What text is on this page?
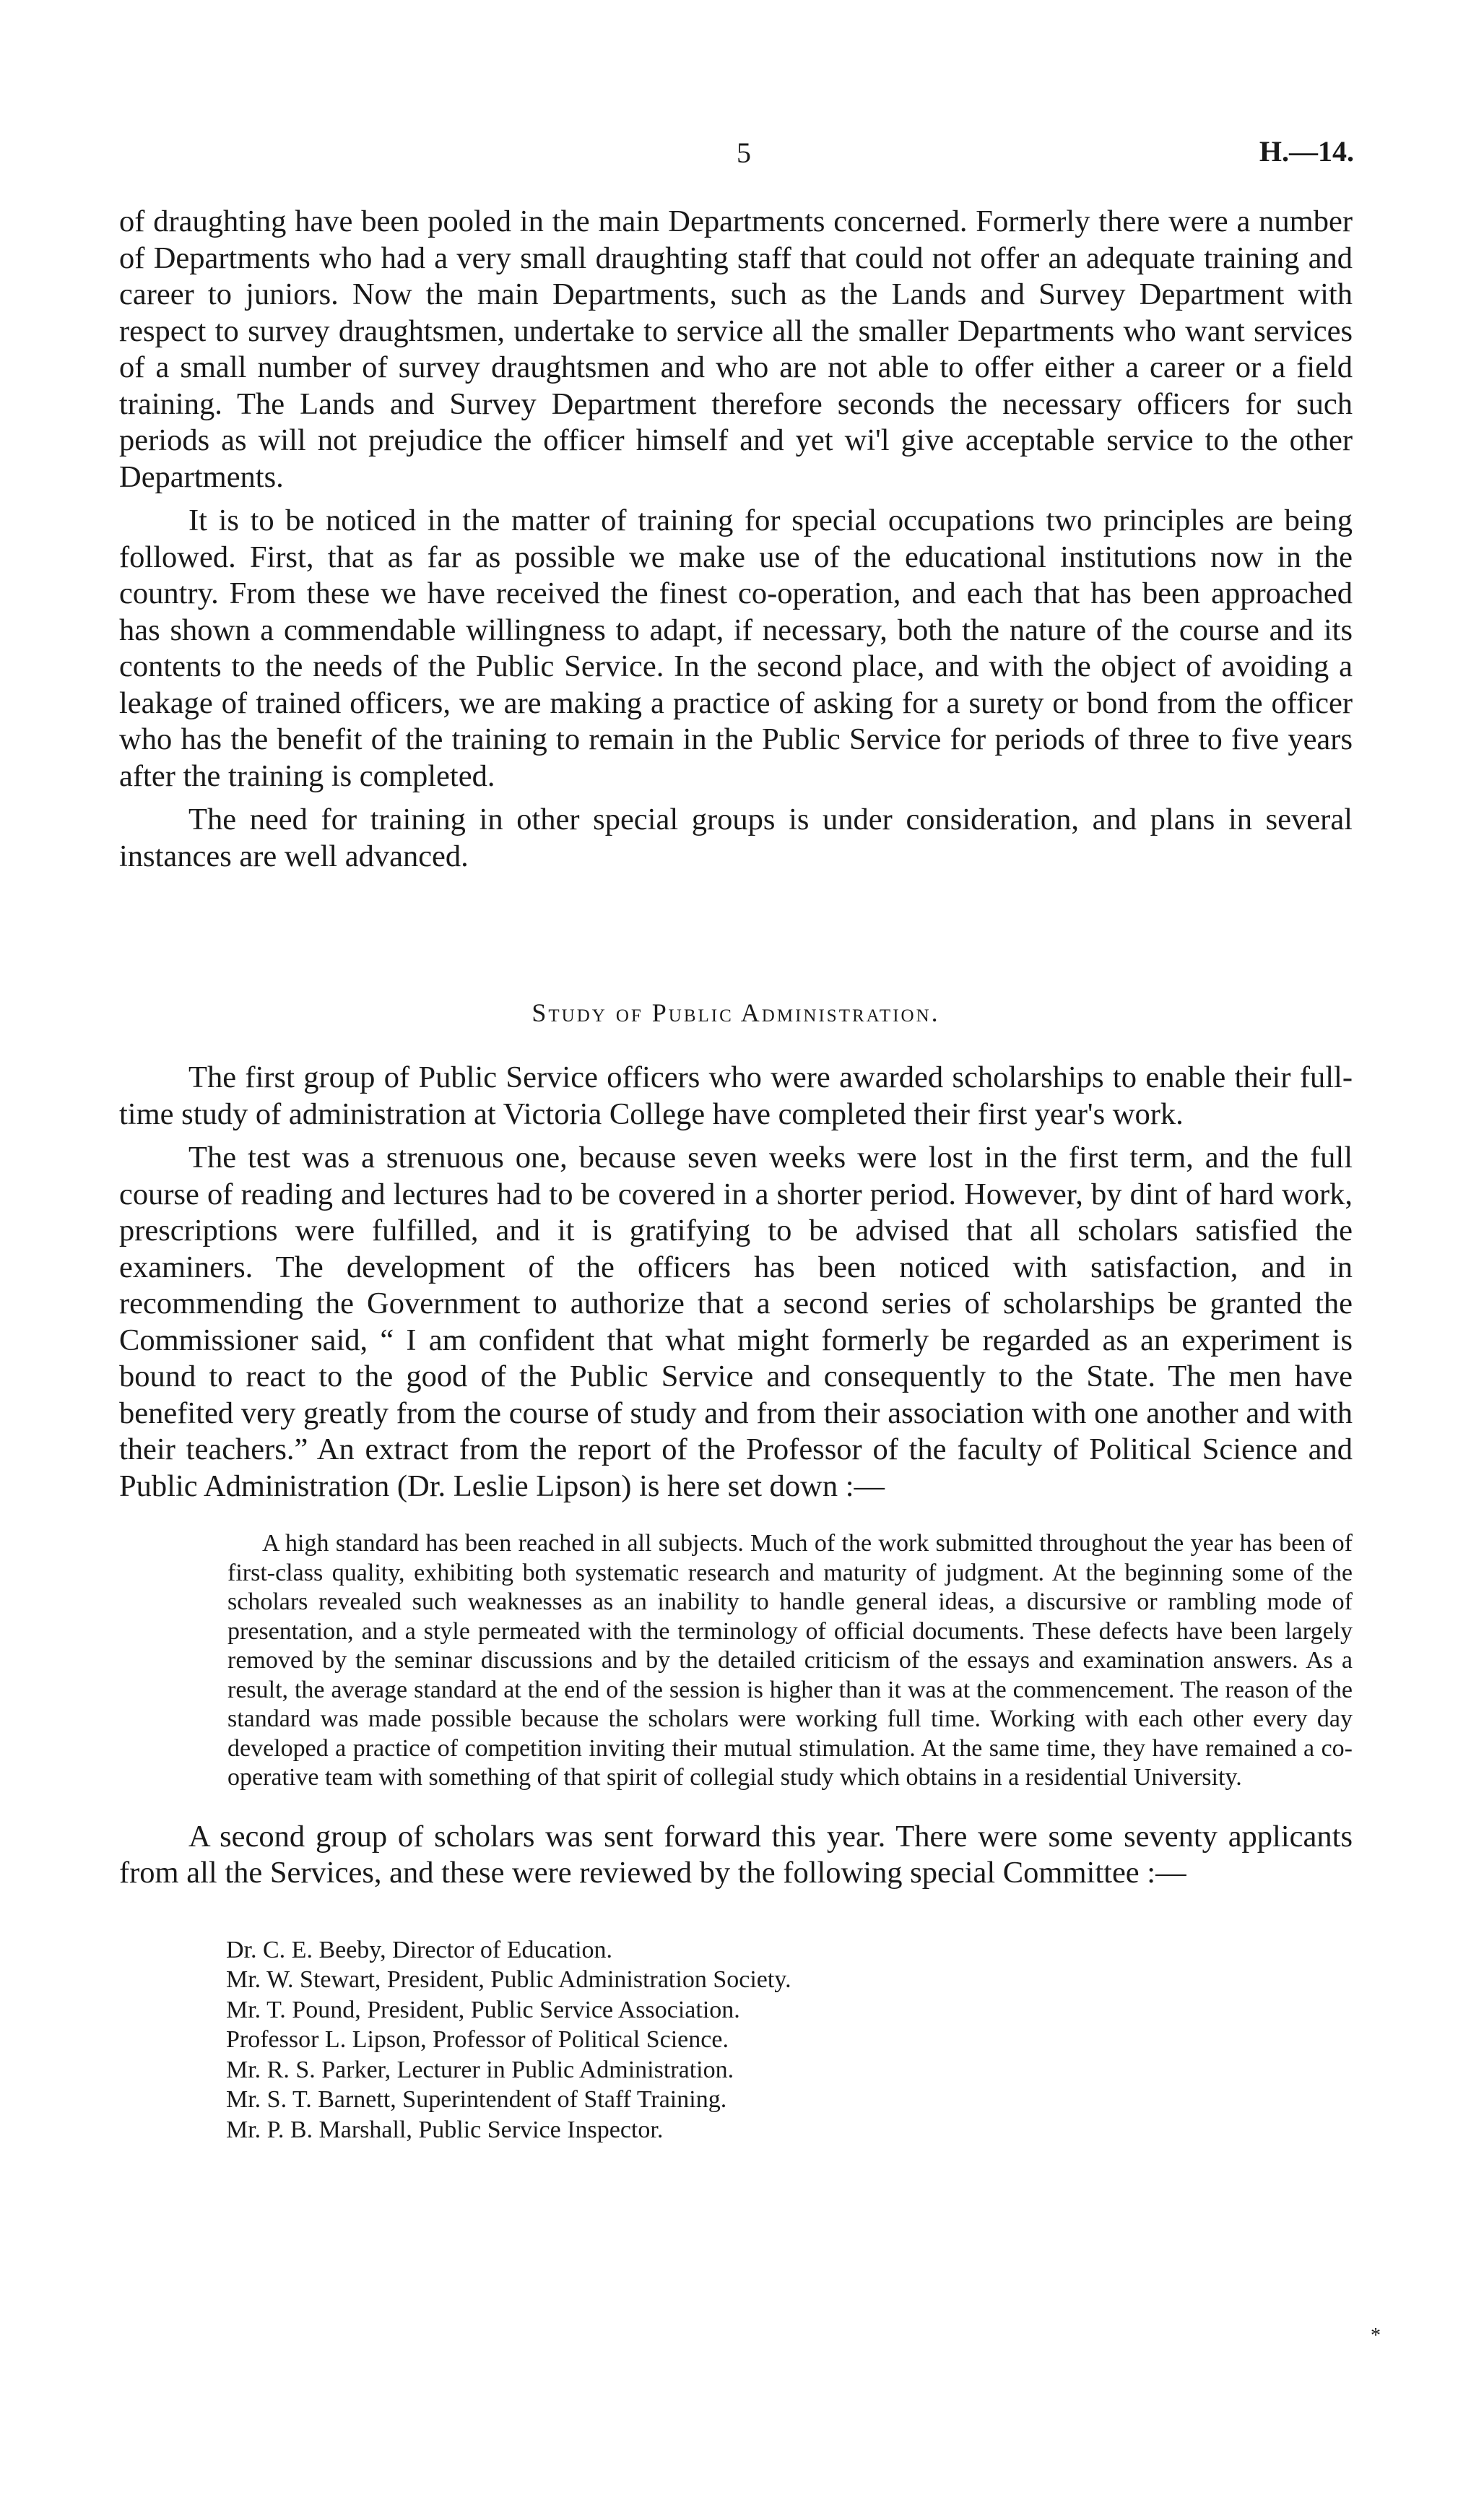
5	H.—14.

of draughting have been pooled in the main Departments concerned. Formerly there were a number of Departments who had a very small draughting staff that could not offer an adequate training and career to juniors. Now the main Departments, such as the Lands and Survey Department with respect to survey draughtsmen, undertake to service all the smaller Departments who want services of a small number of survey draughtsmen and who are not able to offer either a career or a field training. The Lands and Survey Department therefore seconds the necessary officers for such periods as will not prejudice the officer himself and yet wi'l give acceptable service to the other Departments.

It is to be noticed in the matter of training for special occupations two principles are being followed. First, that as far as possible we make use of the educational institutions now in the country. From these we have received the finest co-operation, and each that has been approached has shown a commendable willingness to adapt, if necessary, both the nature of the course and its contents to the needs of the Public Service. In the second place, and with the object of avoiding a leakage of trained officers, we are making a practice of asking for a surety or bond from the officer who has the benefit of the training to remain in the Public Service for periods of three to five years after the training is completed.

The need for training in other special groups is under consideration, and plans in several instances are well advanced.

Study of Public Administration.

The first group of Public Service officers who were awarded scholarships to enable their full-time study of administration at Victoria College have completed their first year's work.

The test was a strenuous one, because seven weeks were lost in the first term, and the full course of reading and lectures had to be covered in a shorter period. However, by dint of hard work, prescriptions were fulfilled, and it is gratifying to be advised that all scholars satisfied the examiners. The development of the officers has been noticed with satisfaction, and in recommending the Government to authorize that a second series of scholarships be granted the Commissioner said, “ I am confident that what might formerly be regarded as an experiment is bound to react to the good of the Public Service and consequently to the State. The men have benefited very greatly from the course of study and from their association with one another and with their teachers.” An extract from the report of the Professor of the faculty of Political Science and Public Administration (Dr. Leslie Lipson) is here set down :—

A high standard has been reached in all subjects. Much of the work submitted throughout the year has been of first-class quality, exhibiting both systematic research and maturity of judgment. At the beginning some of the scholars revealed such weaknesses as an inability to handle general ideas, a discursive or rambling mode of presentation, and a style permeated with the terminology of official documents. These defects have been largely removed by the seminar discussions and by the detailed criticism of the essays and examination answers. As a result, the average standard at the end of the session is higher than it was at the commencement. The reason of the standard was made possible because the scholars were working full time. Working with each other every day developed a practice of competition inviting their mutual stimulation. At the same time, they have remained a co-operative team with something of that spirit of collegial study which obtains in a residential University.

A second group of scholars was sent forward this year. There were some seventy applicants from all the Services, and these were reviewed by the following special Committee :—

Dr. C. E. Beeby, Director of Education.
Mr. W. Stewart, President, Public Administration Society.
Mr. T. Pound, President, Public Service Association.
Professor L. Lipson, Professor of Political Science.
Mr. R. S. Parker, Lecturer in Public Administration.
Mr. S. T. Barnett, Superintendent of Staff Training.
Mr. P. B. Marshall, Public Service Inspector.
*
